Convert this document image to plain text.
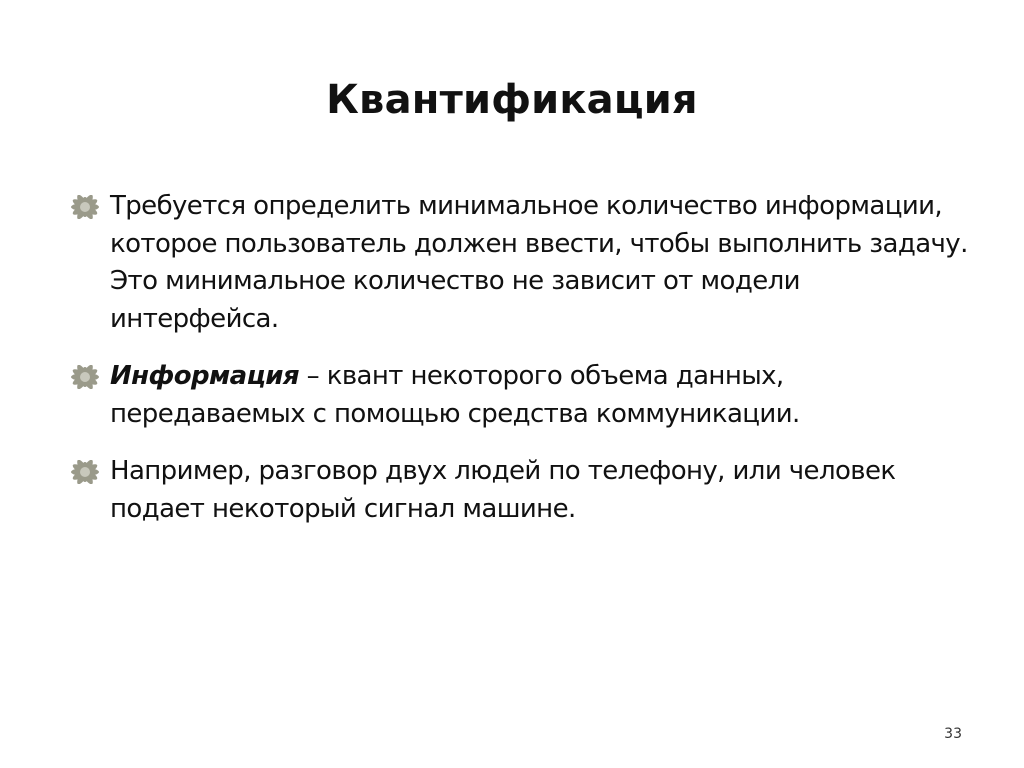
Квантификация
Требуется определить минимальное количество информации, которое пользователь должен ввести, чтобы выполнить задачу. Это минимальное количество не зависит от модели интерфейса.
Информация – квант некоторого объема данных, передаваемых с помощью средства коммуникации.
Например, разговор двух людей по телефону, или человек подает некоторый сигнал машине.
33
